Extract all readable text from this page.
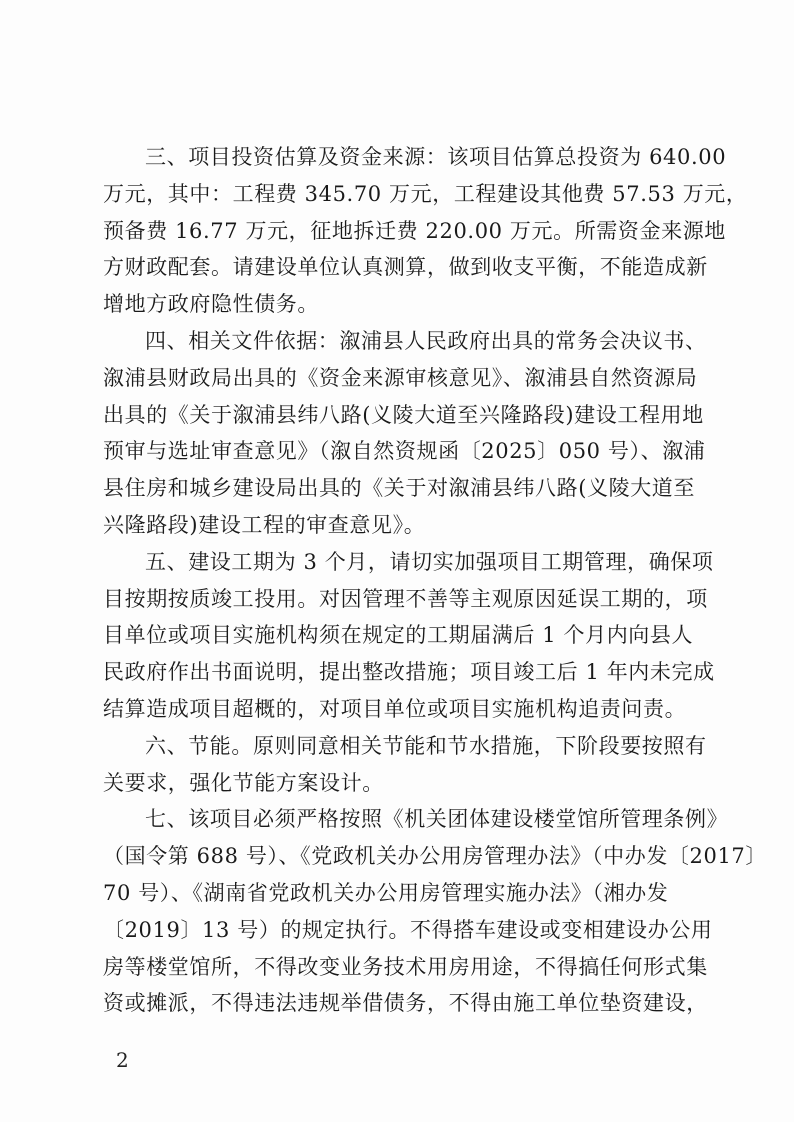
三、项目投资估算及资金来源：该项目估算总投资为 640.00
万元，其中：工程费 345.70 万元，工程建设其他费 57.53 万元，
预备费 16.77 万元，征地拆迁费 220.00 万元。所需资金来源地
方财政配套。请建设单位认真测算，做到收支平衡，不能造成新
增地方政府隐性债务。

四、相关文件依据：溆浦县人民政府出具的常务会决议书、
溆浦县财政局出具的《资金来源审核意见》、溆浦县自然资源局
出具的《关于溆浦县纬八路(义陵大道至兴隆路段)建设工程用地
预审与选址审查意见》（溆自然资规函〔2025〕050 号）、溆浦
县住房和城乡建设局出具的《关于对溆浦县纬八路(义陵大道至
兴隆路段)建设工程的审查意见》。

五、建设工期为 3 个月，请切实加强项目工期管理，确保项
目按期按质竣工投用。对因管理不善等主观原因延误工期的，项
目单位或项目实施机构须在规定的工期届满后 1 个月内向县人
民政府作出书面说明，提出整改措施；项目竣工后 1 年内未完成
结算造成项目超概的，对项目单位或项目实施机构追责问责。

六、节能。原则同意相关节能和节水措施，下阶段要按照有
关要求，强化节能方案设计。

七、该项目必须严格按照《机关团体建设楼堂馆所管理条例》
（国令第 688 号）、《党政机关办公用房管理办法》（中办发〔2017〕
70 号）、《湖南省党政机关办公用房管理实施办法》（湘办发
〔2019〕13 号）的规定执行。不得搭车建设或变相建设办公用
房等楼堂馆所，不得改变业务技术用房用途，不得搞任何形式集
资或摊派，不得违法违规举借债务，不得由施工单位垫资建设，

2
